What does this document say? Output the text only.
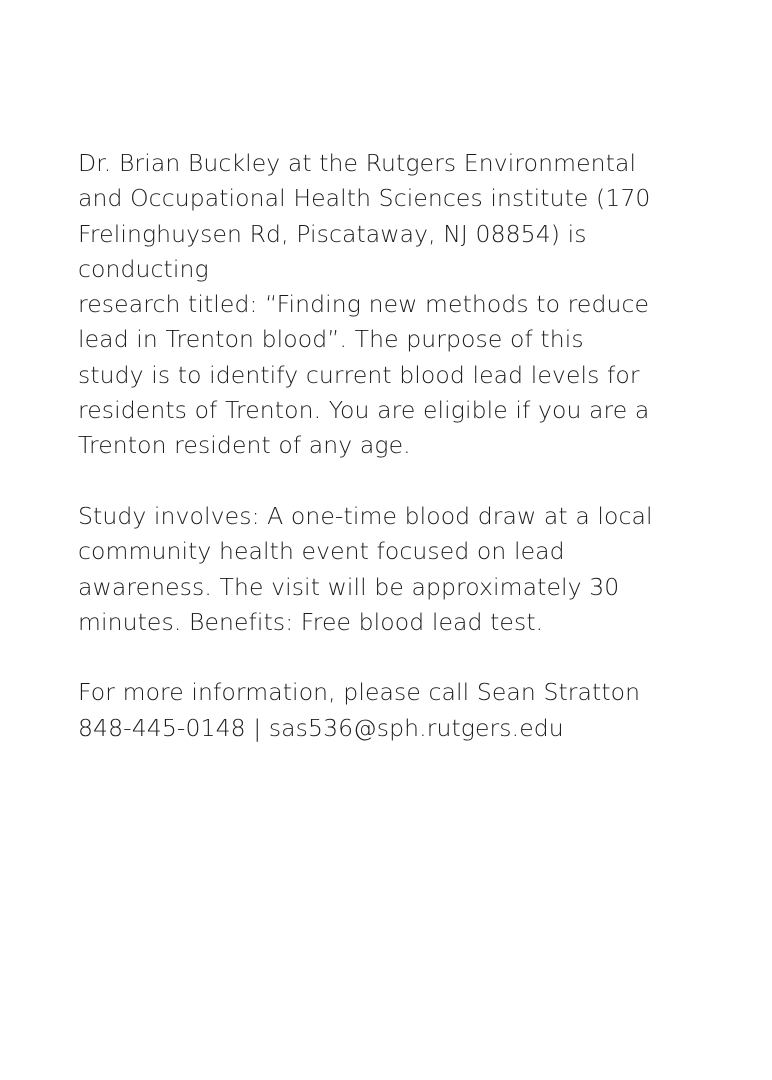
Dr. Brian Buckley at the Rutgers Environmental
and Occupational Health Sciences institute (170
Frelinghuysen Rd, Piscataway, NJ 08854) is
conducting
research titled: “Finding new methods to reduce
lead in Trenton blood”. The purpose of this
study is to identify current blood lead levels for
residents of Trenton. You are eligible if you are a
Trenton resident of any age.

Study involves: A one-time blood draw at a local
community health event focused on lead
awareness. The visit will be approximately 30
minutes. Benefits: Free blood lead test.

For more information, please call Sean Stratton
848-445-0148 | sas536@sph.rutgers.edu
